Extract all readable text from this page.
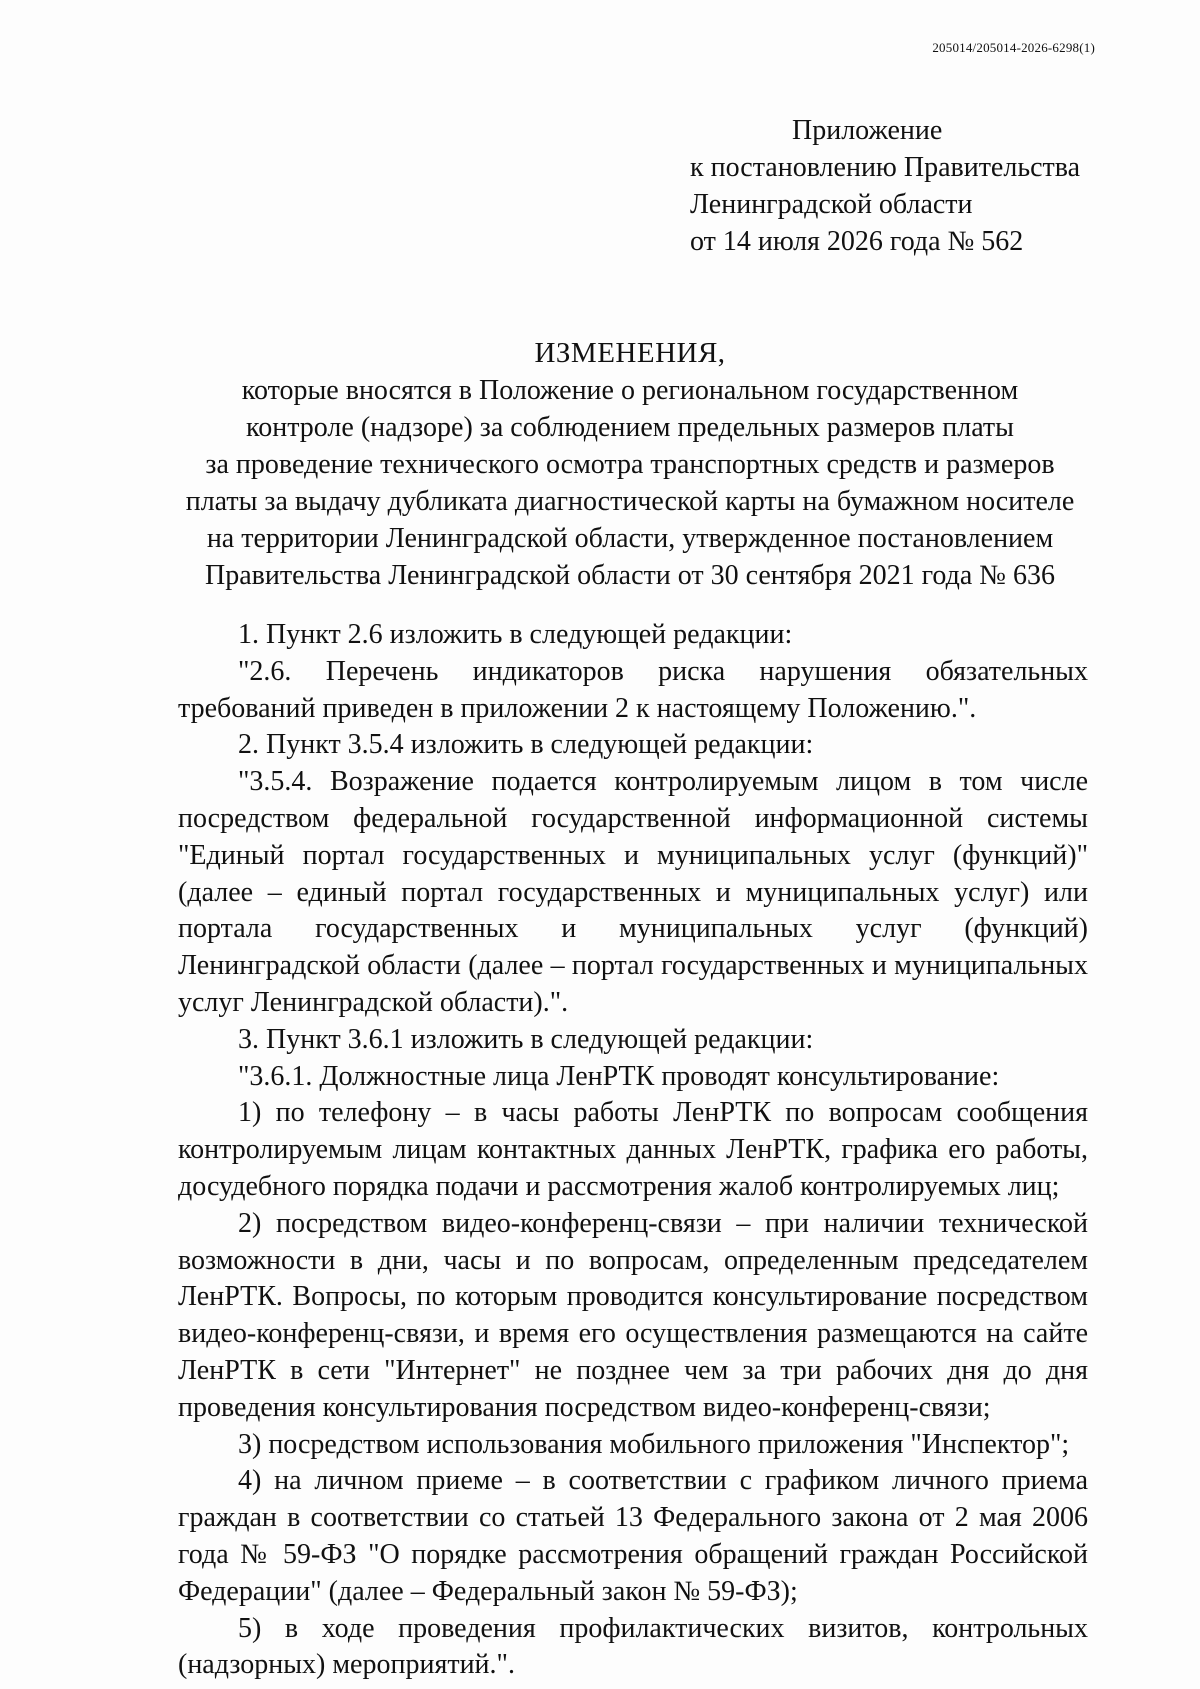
205014/205014-2026-6298(1)
Приложение
к постановлению Правительства
Ленинградской области
от 14 июля 2026 года № 562
ИЗМЕНЕНИЯ,
которые вносятся в Положение о региональном государственном
контроле (надзоре) за соблюдением предельных размеров платы
за проведение технического осмотра транспортных средств и размеров
платы за выдачу дубликата диагностической карты на бумажном носителе
на территории Ленинградской области, утвержденное постановлением
Правительства Ленинградской области от 30 сентября 2021 года № 636
1. Пункт 2.6 изложить в следующей редакции:
"2.6. Перечень индикаторов риска нарушения обязательных требований приведен в приложении 2 к настоящему Положению.".
2. Пункт 3.5.4 изложить в следующей редакции:
"3.5.4. Возражение подается контролируемым лицом в том числе посредством федеральной государственной информационной системы "Единый портал государственных и муниципальных услуг (функций)" (далее – единый портал государственных и муниципальных услуг) или портала государственных и муниципальных услуг (функций) Ленинградской области (далее – портал государственных и муниципальных услуг Ленинградской области).".
3. Пункт 3.6.1 изложить в следующей редакции:
"3.6.1. Должностные лица ЛенРТК проводят консультирование:
1) по телефону – в часы работы ЛенРТК по вопросам сообщения контролируемым лицам контактных данных ЛенРТК, графика его работы, досудебного порядка подачи и рассмотрения жалоб контролируемых лиц;
2) посредством видео-конференц-связи – при наличии технической возможности в дни, часы и по вопросам, определенным председателем ЛенРТК. Вопросы, по которым проводится консультирование посредством видео-конференц-связи, и время его осуществления размещаются на сайте ЛенРТК в сети "Интернет" не позднее чем за три рабочих дня до дня проведения консультирования посредством видео-конференц-связи;
3) посредством использования мобильного приложения "Инспектор";
4) на личном приеме – в соответствии с графиком личного приема граждан в соответствии со статьей 13 Федерального закона от 2 мая 2006 года № 59-ФЗ "О порядке рассмотрения обращений граждан Российской Федерации" (далее – Федеральный закон № 59-ФЗ);
5) в ходе проведения профилактических визитов, контрольных (надзорных) мероприятий.".
